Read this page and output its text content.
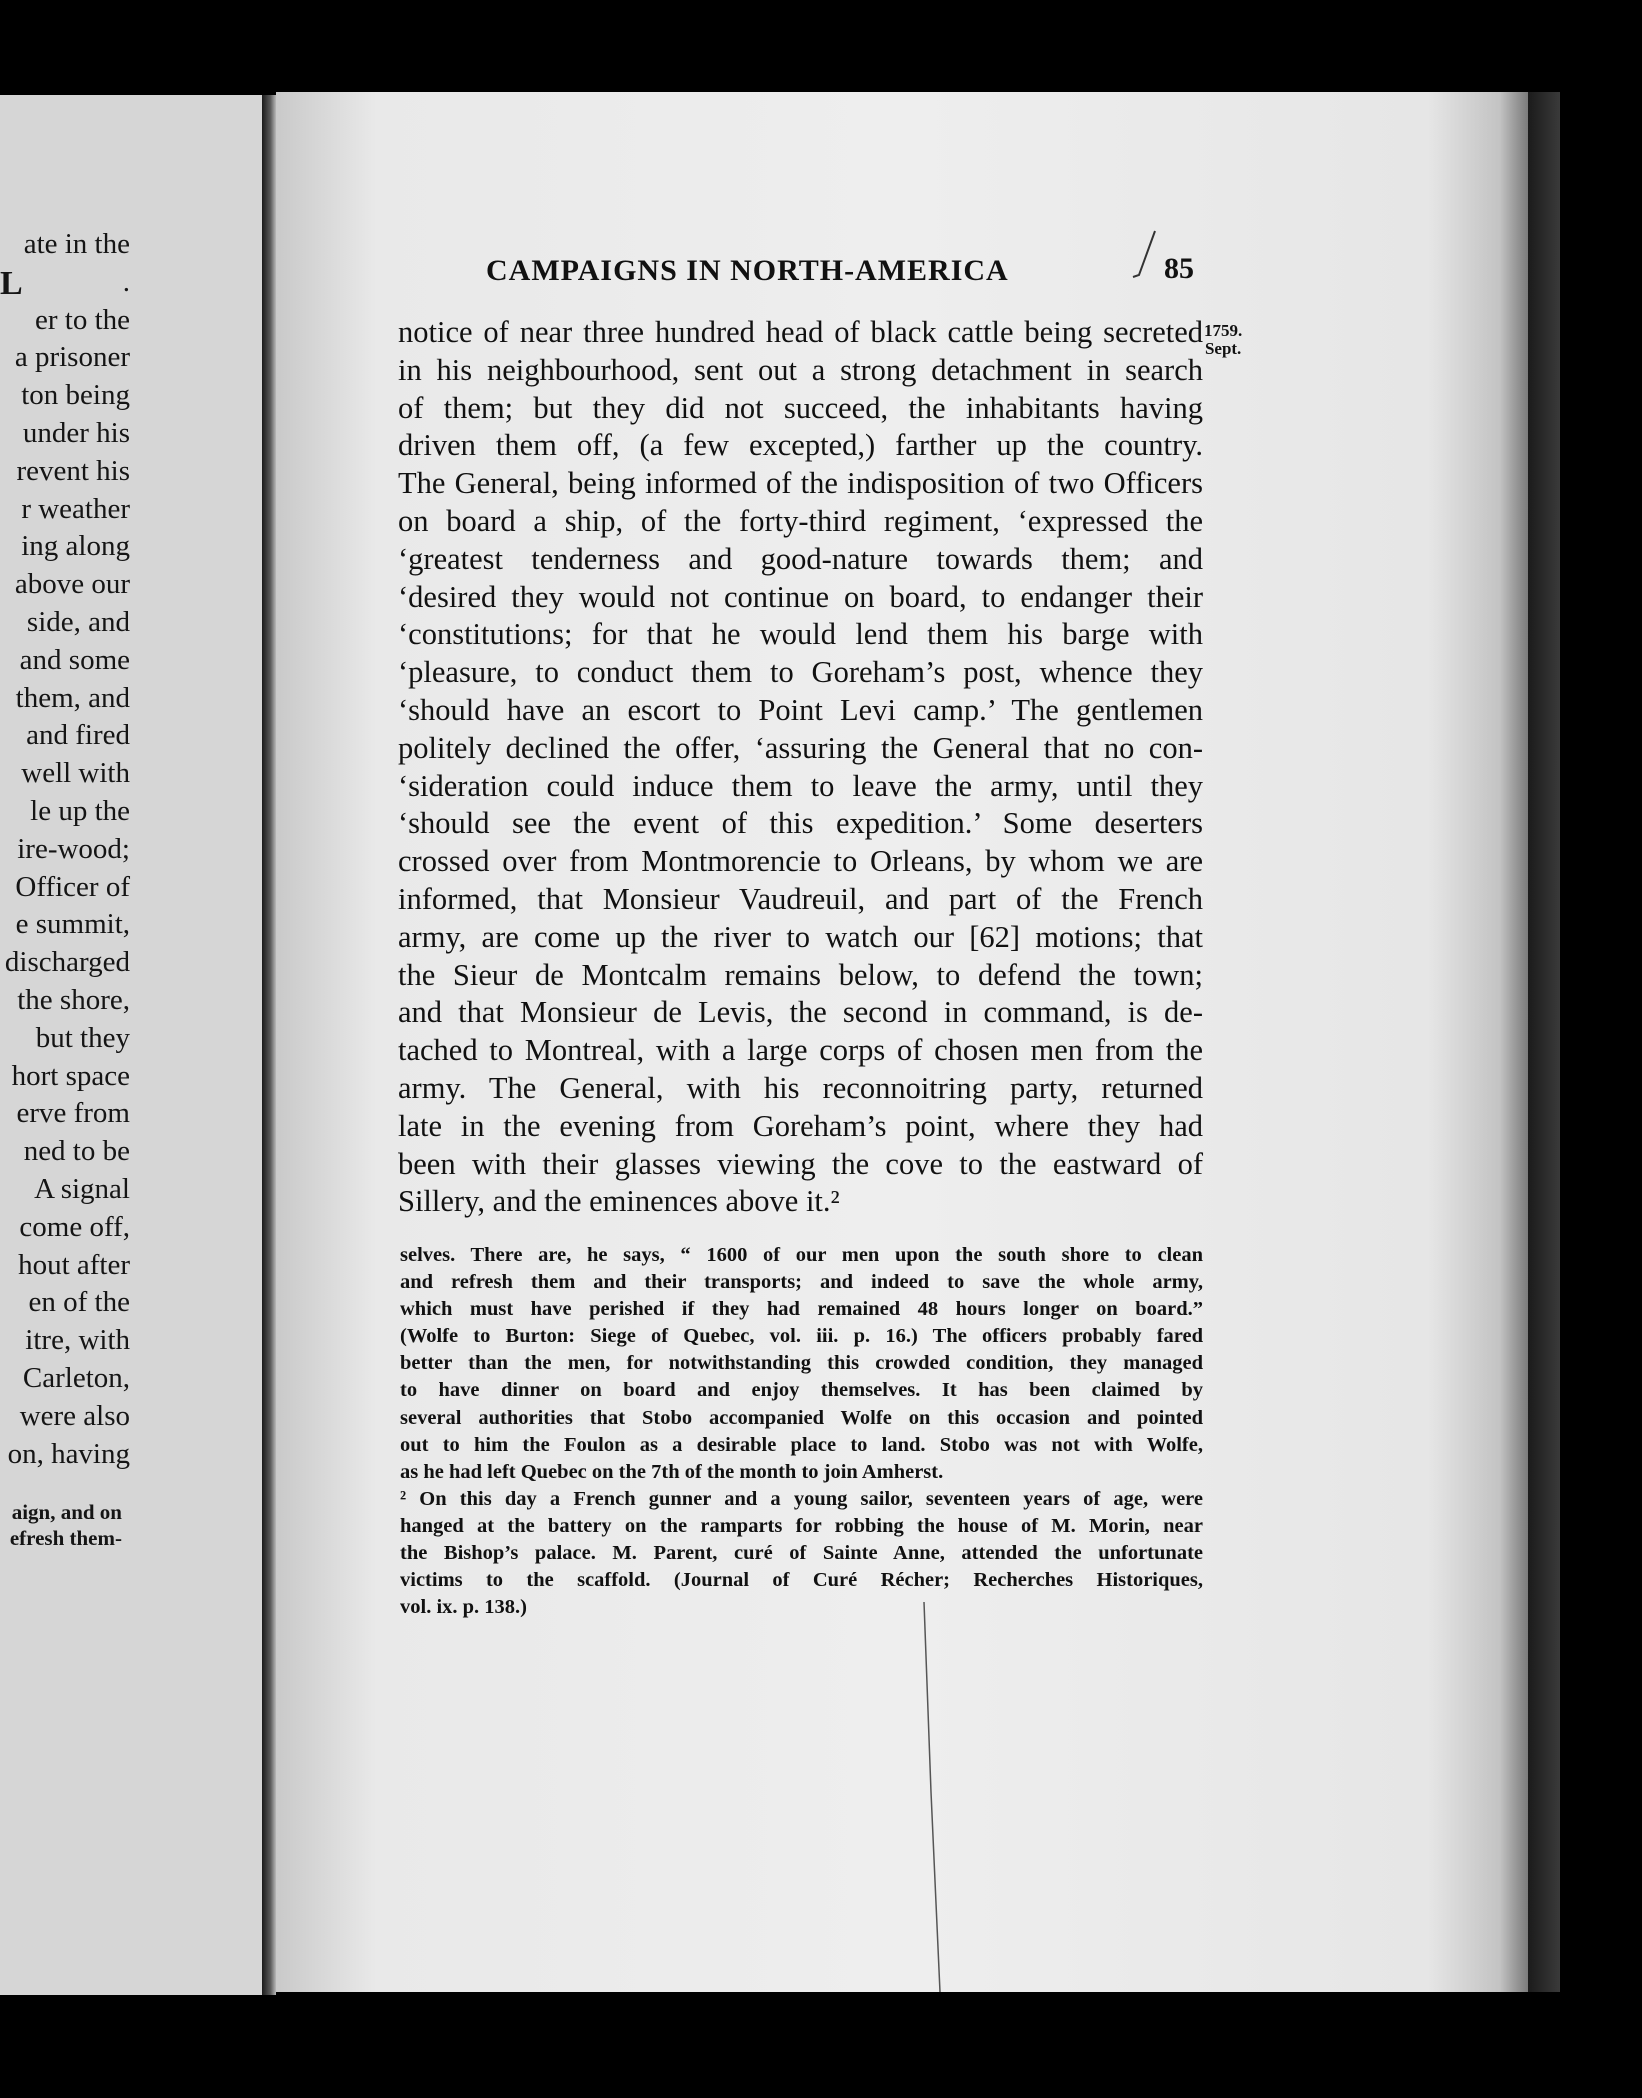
L
ate in the
.
er to the
a prisoner
ton being
under his
revent his
r weather
ing along
above our
side, and
and some
them, and
and fired
well with
le up the
ire-wood;
Officer of
e summit,
discharged
the shore,
but they
hort space
erve from
ned to be
A signal
come off,
hout after
en of the
itre, with
Carleton,
were also
on, having
aign, and on
efresh them-
CAMPAIGNS IN NORTH-AMERICA	85
1759.
Sept.
notice of near three hundred head of black cattle being secreted
in his neighbourhood, sent out a strong detachment in search
of them; but they did not succeed, the inhabitants having
driven them off, (a few excepted,) farther up the country.
The General, being informed of the indisposition of two Officers
on board a ship, of the forty-third regiment, ‘expressed the
‘greatest tenderness and good-nature towards them; and
‘desired they would not continue on board, to endanger their
‘constitutions; for that he would lend them his barge with
‘pleasure, to conduct them to Goreham’s post, whence they
‘should have an escort to Point Levi camp.’ The gentlemen
politely declined the offer, ‘assuring the General that no con-
‘sideration could induce them to leave the army, until they
‘should see the event of this expedition.’ Some deserters
crossed over from Montmorencie to Orleans, by whom we are
informed, that Monsieur Vaudreuil, and part of the French
army, are come up the river to watch our [62] motions; that
the Sieur de Montcalm remains below, to defend the town;
and that Monsieur de Levis, the second in command, is de-
tached to Montreal, with a large corps of chosen men from the
army. The General, with his reconnoitring party, returned
late in the evening from Goreham’s point, where they had
been with their glasses viewing the cove to the eastward of
Sillery, and the eminences above it.²
selves. There are, he says, “ 1600 of our men upon the south shore to clean
and refresh them and their transports; and indeed to save the whole army,
which must have perished if they had remained 48 hours longer on board.”
(Wolfe to Burton: Siege of Quebec, vol. iii. p. 16.) The officers probably fared
better than the men, for notwithstanding this crowded condition, they managed
to have dinner on board and enjoy themselves. It has been claimed by
several authorities that Stobo accompanied Wolfe on this occasion and pointed
out to him the Foulon as a desirable place to land. Stobo was not with Wolfe,
as he had left Quebec on the 7th of the month to join Amherst.
² On this day a French gunner and a young sailor, seventeen years of age, were
hanged at the battery on the ramparts for robbing the house of M. Morin, near
the Bishop’s palace. M. Parent, curé of Sainte Anne, attended the unfortunate
victims to the scaffold. (Journal of Curé Récher; Recherches Historiques,
vol. ix. p. 138.)
